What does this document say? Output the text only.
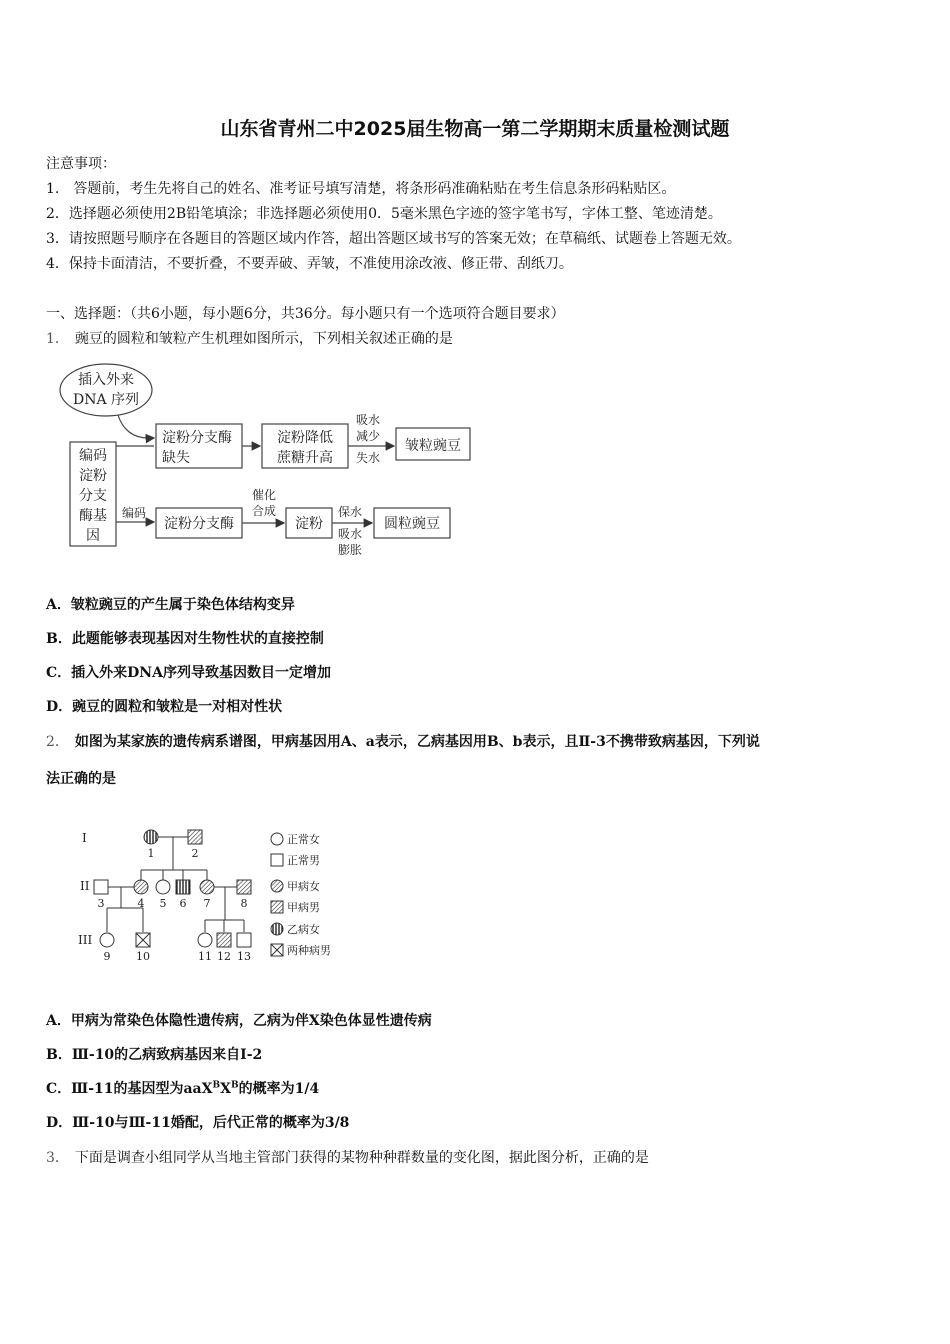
山东省青州二中2025届生物高一第二学期期末质量检测试题
注意事项：
1.　答题前，考生先将自己的姓名、准考证号填写清楚，将条形码准确粘贴在考生信息条形码粘贴区。
2．选择题必须使用2B铅笔填涂；非选择题必须使用0．5毫米黑色字迹的签字笔书写，字体工整、笔迹清楚。
3．请按照题号顺序在各题目的答题区域内作答，超出答题区域书写的答案无效；在草稿纸、试题卷上答题无效。
4．保持卡面清洁，不要折叠，不要弄破、弄皱，不准使用涂改液、修正带、刮纸刀。
一、选择题：（共6小题，每小题6分，共36分。每小题只有一个选项符合题目要求）
1． 豌豆的圆粒和皱粒产生机理如图所示，下列相关叙述正确的是
插入外来
DNA 序列
编码
淀粉
分支
酶基
因
淀粉分支酶
缺失
淀粉降低
蔗糖升高
皱粒豌豆
淀粉分支酶	淀粉	圆粒豌豆
吸水
减少
失水
编码
催化
合成	保水
吸水
膨胀
A．皱粒豌豆的产生属于染色体结构变异
B．此题能够表现基因对生物性状的直接控制
C．插入外来DNA序列导致基因数目一定增加
D．豌豆的圆粒和皱粒是一对相对性状
2． 如图为某家族的遗传病系谱图，甲病基因用A、a表示，乙病基因用B、b表示，且Ⅱ-3不携带致病基因，下列说
法正确的是
I
II
III
1	2
3	4 5 6 7	8
9 10	11 12 13
正常女
正常男
甲病女
甲病男
乙病女
两种病男
A．甲病为常染色体隐性遗传病，乙病为伴X染色体显性遗传病
B．Ⅲ-10的乙病致病基因来自I-2
C．Ⅲ-11的基因型为$aaX^BX^B$的概率为1/4
D．Ⅲ-10与Ⅲ-11婚配，后代正常的概率为3/8
3． 下面是调查小组同学从当地主管部门获得的某物种种群数量的变化图，据此图分析，正确的是
